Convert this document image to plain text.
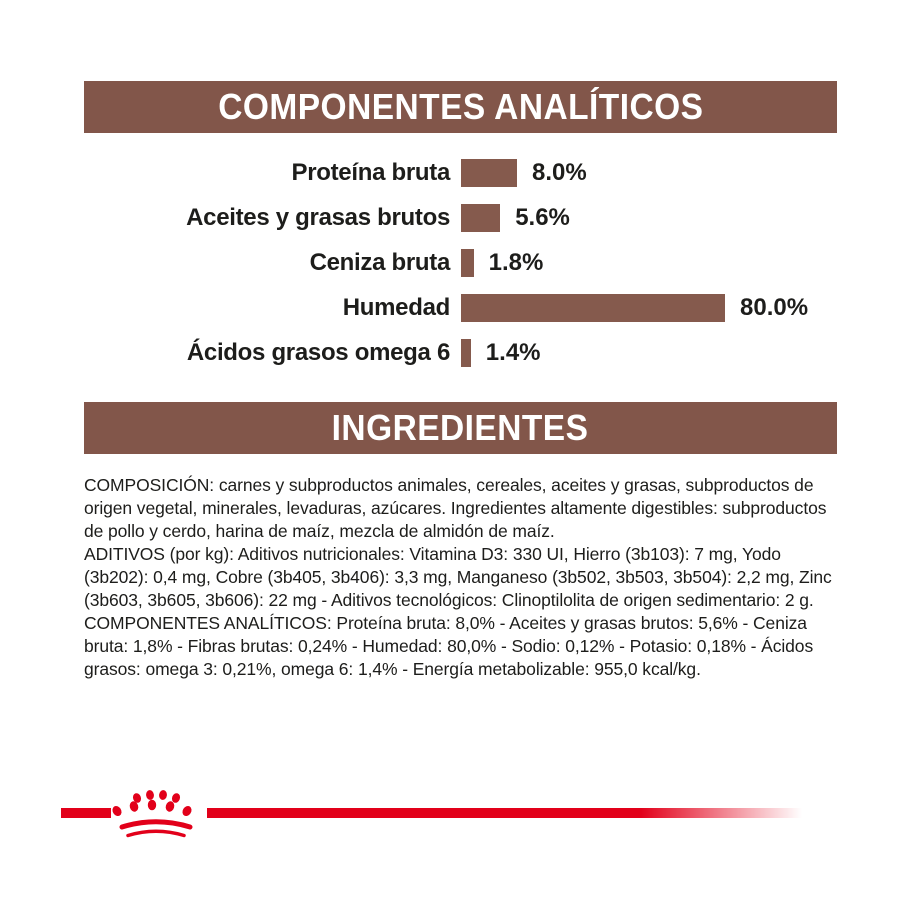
COMPONENTES ANALÍTICOS
Proteína bruta	8.0%
Aceites y grasas brutos	5.6%
Ceniza bruta 1.8%
Humedad	80.0%
Ácidos grasos omega 6 1.4%
INGREDIENTES

COMPOSICIÓN: carnes y subproductos animales, cereales, aceites y grasas, subproductos de origen vegetal, minerales, levaduras, azúcares. Ingredientes altamente digestibles: subproductos de pollo y cerdo, harina de maíz, mezcla de almidón de maíz.

ADITIVOS (por kg): Aditivos nutricionales: Vitamina D3: 330 UI, Hierro (3b103): 7 mg, Yodo (3b202): 0,4 mg, Cobre (3b405, 3b406): 3,3 mg, Manganeso (3b502, 3b503, 3b504): 2,2 mg, Zinc (3b603, 3b605, 3b606): 22 mg - Aditivos tecnológicos: Clinoptilolita de origen sedimentario: 2 g.

COMPONENTES ANALÍTICOS: Proteína bruta: 8,0% - Aceites y grasas brutos: 5,6% - Ceniza bruta: 1,8% - Fibras brutas: 0,24% - Humedad: 80,0% - Sodio: 0,12% - Potasio: 0,18% - Ácidos grasos: omega 3: 0,21%, omega 6: 1,4% - Energía metabolizable: 955,0 kcal/kg.
